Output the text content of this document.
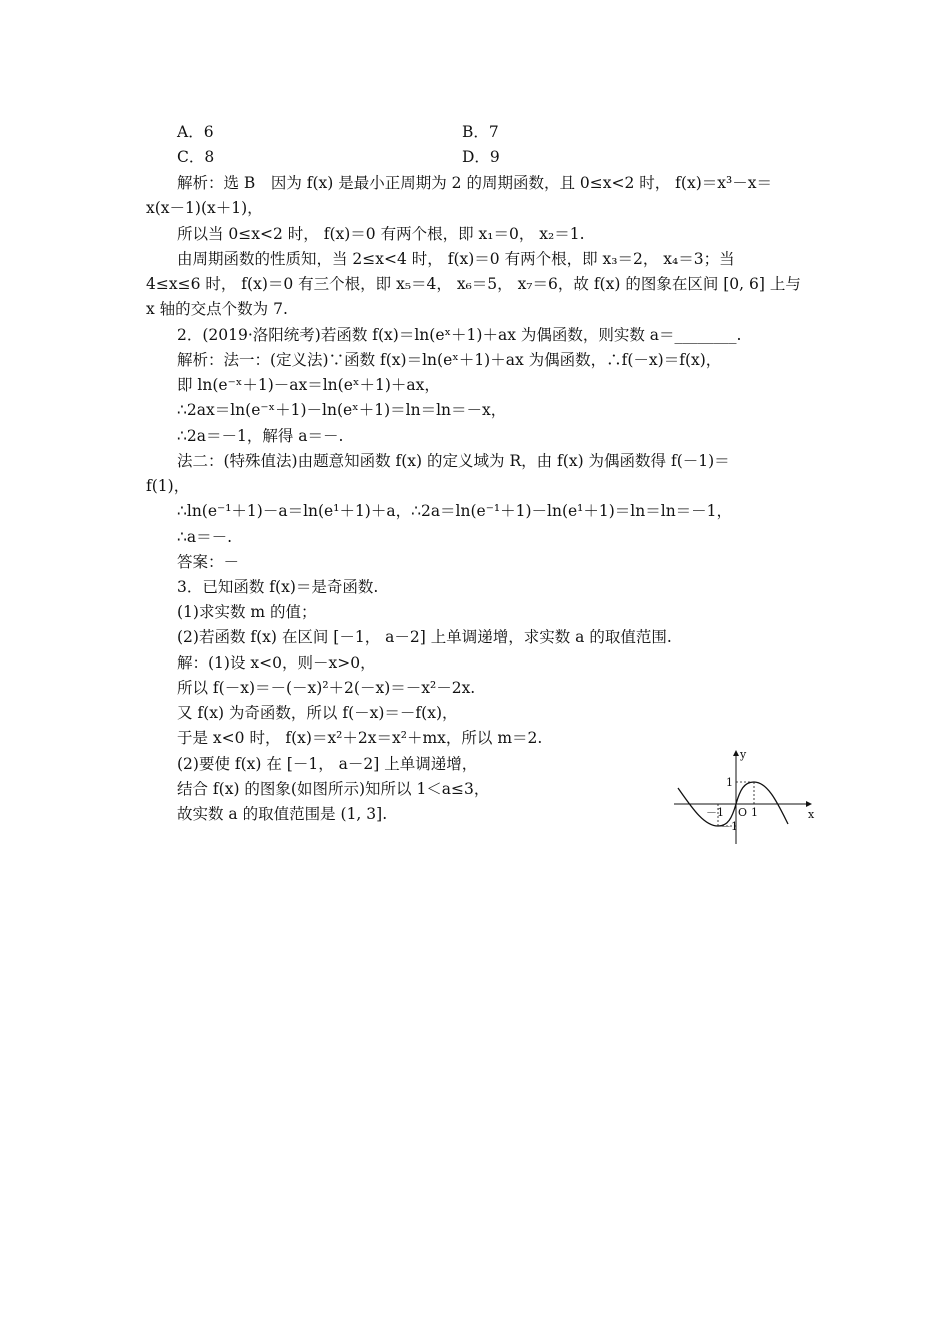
A．6	B．7
C．8	D．9
解析：选 B　因为 f(x) 是最小正周期为 2 的周期函数，且 0≤x<2 时， f(x)＝x³－x＝
x(x－1)(x＋1)，
所以当 0≤x<2 时， f(x)＝0 有两个根，即 x₁＝0， x₂＝1.
由周期函数的性质知，当 2≤x<4 时， f(x)＝0 有两个根，即 x₃＝2， x₄＝3；当
4≤x≤6 时， f(x)＝0 有三个根，即 x₅＝4， x₆＝5， x₇＝6，故 f(x) 的图象在区间 [0, 6] 上与
x 轴的交点个数为 7.
2．(2019·洛阳统考)若函数 f(x)＝ln(eˣ＋1)＋ax 为偶函数，则实数 a＝________.
解析：法一：(定义法)∵函数 f(x)＝ln(eˣ＋1)＋ax 为偶函数，∴f(－x)＝f(x)，
即 ln(e⁻ˣ＋1)－ax＝ln(eˣ＋1)＋ax，
∴2ax＝ln(e⁻ˣ＋1)－ln(eˣ＋1)＝ln＝ln＝－x，
∴2a＝－1，解得 a＝－.
法二：(特殊值法)由题意知函数 f(x) 的定义域为 R，由 f(x) 为偶函数得 f(－1)＝
f(1)，
∴ln(e⁻¹＋1)－a＝ln(e¹＋1)＋a，∴2a＝ln(e⁻¹＋1)－ln(e¹＋1)＝ln＝ln＝－1，
∴a＝－.
答案：－
3．已知函数 f(x)＝是奇函数.
(1)求实数 m 的值；
(2)若函数 f(x) 在区间 [－1， a－2] 上单调递增，求实数 a 的取值范围.
解：(1)设 x<0，则－x>0，
所以 f(－x)＝－(－x)²＋2(－x)＝－x²－2x.
又 f(x) 为奇函数，所以 f(－x)＝－f(x)，
于是 x<0 时， f(x)＝x²＋2x＝x²＋mx，所以 m＝2.
(2)要使 f(x) 在 [－1， a－2] 上单调递增，
结合 f(x) 的图象(如图所示)知所以 1＜a≤3，
故实数 a 的取值范围是 (1, 3].	x
y
O 1
－1
1
－1
